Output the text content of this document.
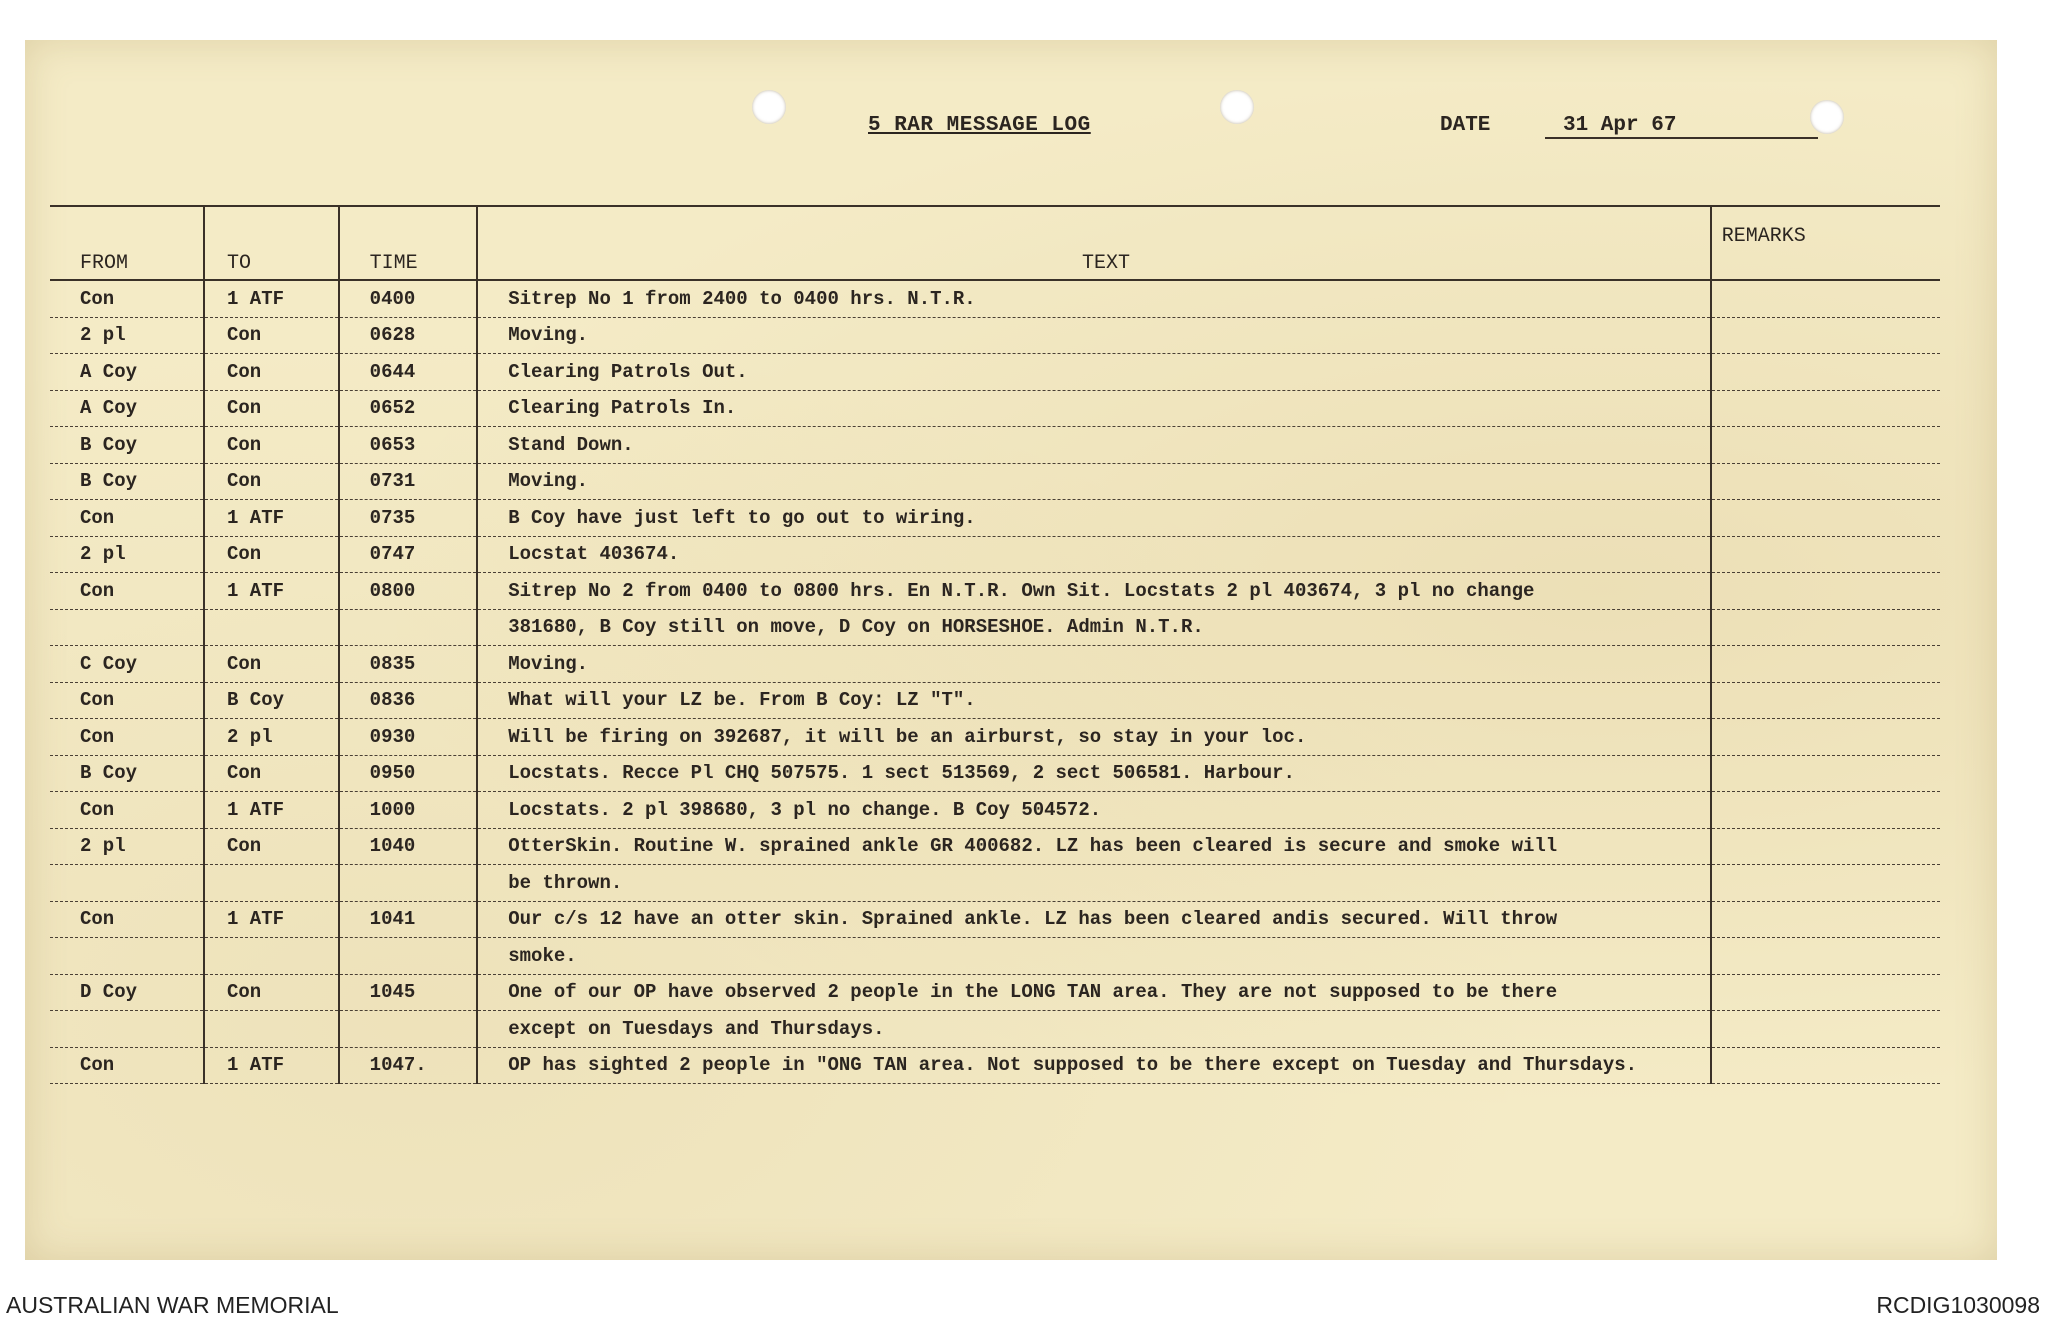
5 RAR MESSAGE LOG	DATE	31 Apr 67
FROM	TO	TIME	TEXT	REMARKS
Con	1 ATF	0400	Sitrep No 1 from 2400 to 0400 hrs. N.T.R.	
2 pl	Con	0628	Moving.	
A Coy	Con	0644	Clearing Patrols Out.	
A Coy	Con	0652	Clearing Patrols In.	
B Coy	Con	0653	Stand Down.	
B Coy	Con	0731	Moving.	
Con	1 ATF	0735	B Coy have just left to go out to wiring.	
2 pl	Con	0747	Locstat 403674.	
Con	1 ATF	0800	Sitrep No 2 from 0400 to 0800 hrs. En N.T.R. Own Sit. Locstats 2 pl 403674, 3 pl no change	
			381680, B Coy still on move, D Coy on HORSESHOE. Admin N.T.R.	
C Coy	Con	0835	Moving.	
Con	B Coy	0836	What will your LZ be. From B Coy: LZ "T".	
Con	2 pl	0930	Will be firing on 392687, it will be an airburst, so stay in your loc.	
B Coy	Con	0950	Locstats. Recce Pl CHQ 507575. 1 sect 513569, 2 sect 506581. Harbour.	
Con	1 ATF	1000	Locstats. 2 pl 398680, 3 pl no change. B Coy 504572.	
2 pl	Con	1040	OtterSkin. Routine W. sprained ankle GR 400682. LZ has been cleared is secure and smoke will	
			be thrown.	
Con	1 ATF	1041	Our c/s 12 have an otter skin. Sprained ankle. LZ has been cleared andis secured. Will throw	
			smoke.	
D Coy	Con	1045	One of our OP have observed 2 people in the LONG TAN area. They are not supposed to be there	
			except on Tuesdays and Thursdays.	
Con	1 ATF	1047.	OP has sighted 2 people in "ONG TAN area. Not supposed to be there except on Tuesday and Thursdays.	
AUSTRALIAN WAR MEMORIAL	RCDIG1030098
